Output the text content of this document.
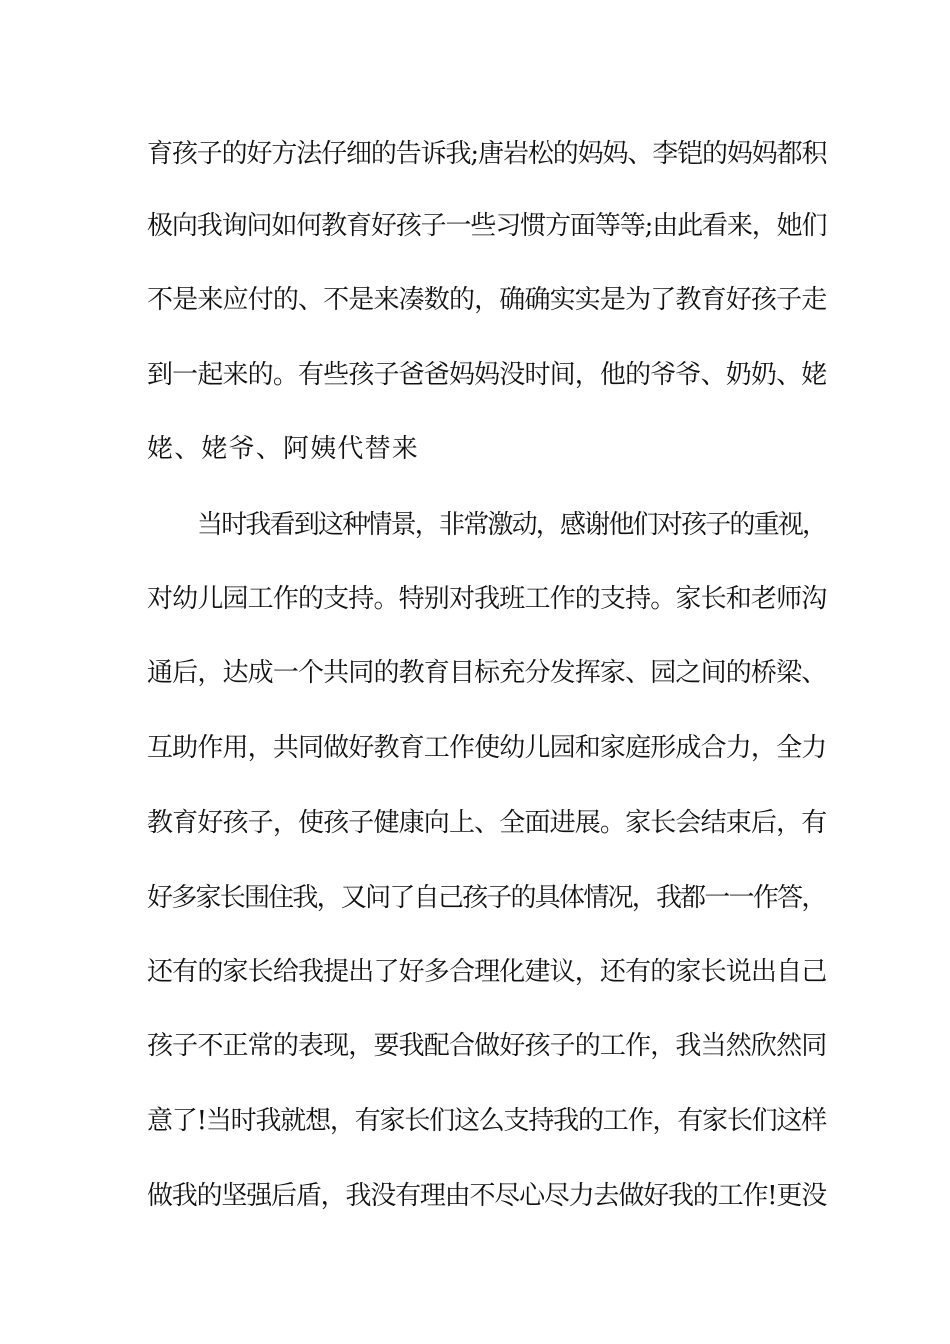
育孩子的好方法仔细的告诉我;唐岩松的妈妈、李铠的妈妈都积
极向我询问如何教育好孩子一些习惯方面等等;由此看来，她们
不是来应付的、不是来凑数的，确确实实是为了教育好孩子走
到一起来的。有些孩子爸爸妈妈没时间，他的爷爷、奶奶、姥
姥、姥爷、阿姨代替来
当时我看到这种情景，非常激动，感谢他们对孩子的重视，
对幼儿园工作的支持。特别对我班工作的支持。家长和老师沟
通后，达成一个共同的教育目标充分发挥家、园之间的桥梁、
互助作用，共同做好教育工作使幼儿园和家庭形成合力，全力
教育好孩子，使孩子健康向上、全面进展。家长会结束后，有
好多家长围住我，又问了自己孩子的具体情况，我都一一作答，
还有的家长给我提出了好多合理化建议，还有的家长说出自己
孩子不正常的表现，要我配合做好孩子的工作，我当然欣然同
意了!当时我就想，有家长们这么支持我的工作，有家长们这样
做我的坚强后盾，我没有理由不尽心尽力去做好我的工作!更没
